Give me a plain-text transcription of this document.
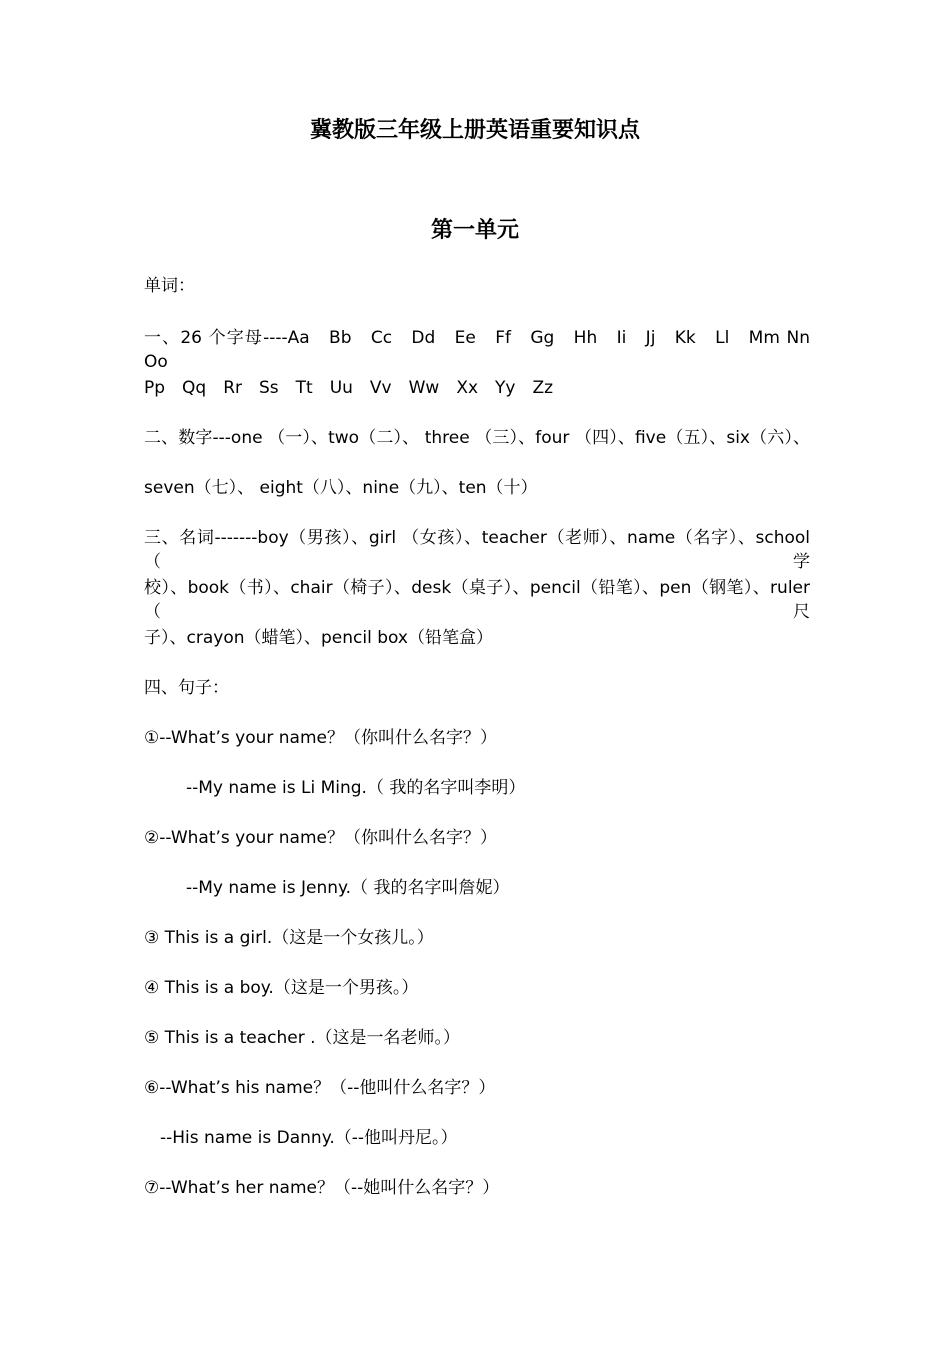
冀教版三年级上册英语重要知识点
第一单元

单词：

一、26 个字母----Aa　Bb　Cc　Dd　Ee　Ff　Gg　Hh　Ii　Jj　Kk　Ll　Mm Nn　Oo

Pp　Qq　Rr　Ss　Tt　Uu　Vv　Ww　Xx　Yy　Zz

二、数字---one （一）、two（二）、 three （三）、four （四）、five（五）、six（六）、

seven（七）、 eight（八）、nine（九）、ten（十）

三、名词-------boy（男孩）、girl （女孩）、teacher（老师）、name（名字）、school （学

校）、book（书）、chair（椅子）、desk（桌子）、pencil（铅笔）、pen（钢笔）、ruler（尺

子）、crayon（蜡笔）、pencil box（铅笔盒）

四、句子：

①--What’s your name？（你叫什么名字？）

--My name is Li Ming.（ 我的名字叫李明）

②--What’s your name？（你叫什么名字？）

--My name is Jenny.（ 我的名字叫詹妮）

③ This is a girl.（这是一个女孩儿。）

④ This is a boy.（这是一个男孩。）

⑤ This is a teacher .（这是一名老师。）

⑥--What’s his name？（--他叫什么名字？）

--His name is Danny.（--他叫丹尼。）

⑦--What’s her name？（--她叫什么名字？）
